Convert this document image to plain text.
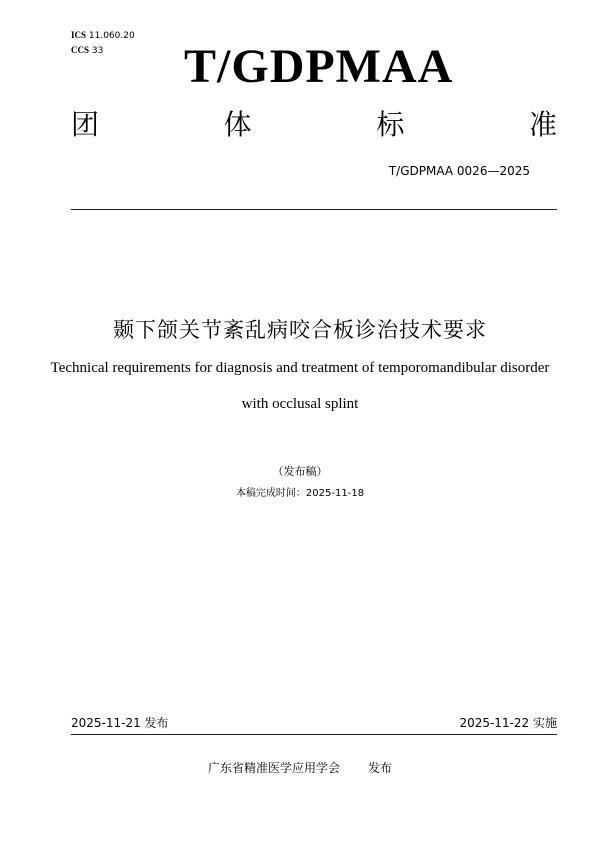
ICS 11.060.20
CCS 33 T/GDPMAA
团	体	标	准
T/GDPMAA 0026—2025
颞下颌关节紊乱病咬合板诊治技术要求
Technical requirements for diagnosis and treatment of temporomandibular disorder
with occlusal splint
（发布稿）
本稿完成时间：2025-11-18
2025-11-21 发布	2025-11-22 实施
广东省精准医学应用学会 发布
